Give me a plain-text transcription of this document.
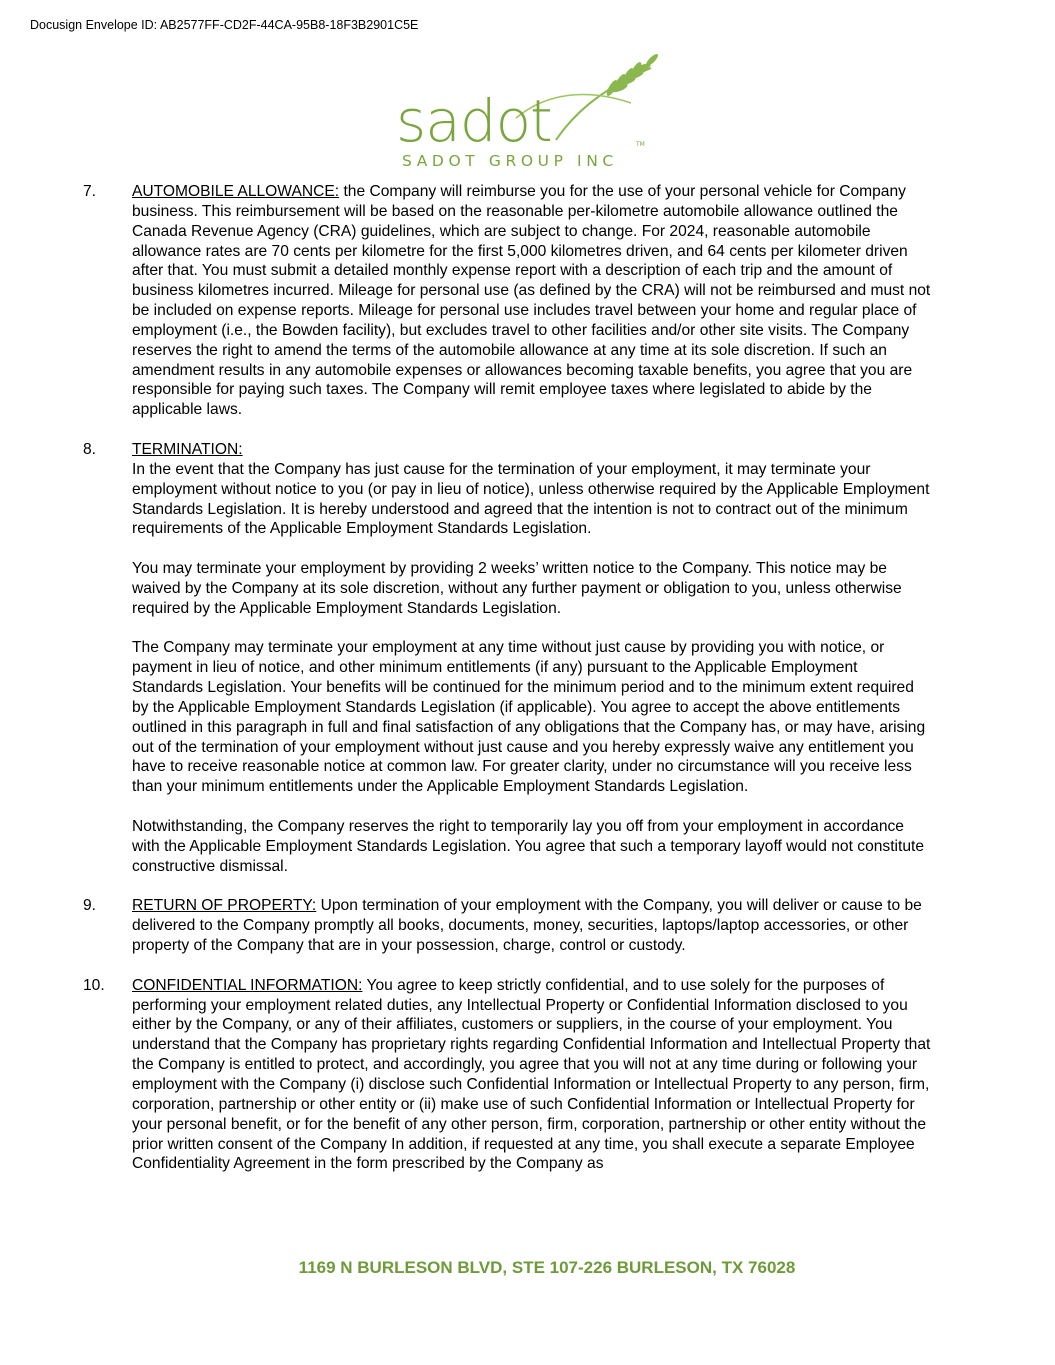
Docusign Envelope ID: AB2577FF-CD2F-44CA-95B8-18F3B2901C5E
sadot	TM
SADOT GROUP INC
7.	AUTOMOBILE ALLOWANCE: the Company will reimburse you for the use of your personal vehicle for Company business. This reimbursement will be based on the reasonable per-kilometre automobile allowance outlined the Canada Revenue Agency (CRA) guidelines, which are subject to change. For 2024, reasonable automobile allowance rates are 70 cents per kilometre for the first 5,000 kilometres driven, and 64 cents per kilometer driven after that. You must submit a detailed monthly expense report with a description of each trip and the amount of business kilometres incurred. Mileage for personal use (as defined by the CRA) will not be reimbursed and must not be included on expense reports. Mileage for personal use includes travel between your home and regular place of employment (i.e., the Bowden facility), but excludes travel to other facilities and/or other site visits. The Company reserves the right to amend the terms of the automobile allowance at any time at its sole discretion. If such an amendment results in any automobile expenses or allowances becoming taxable benefits, you agree that you are responsible for paying such taxes. The Company will remit employee taxes where legislated to abide by the applicable laws.

8.	TERMINATION:
In the event that the Company has just cause for the termination of your employment, it may terminate your employment without notice to you (or pay in lieu of notice), unless otherwise required by the Applicable Employment Standards Legislation. It is hereby understood and agreed that the intention is not to contract out of the minimum requirements of the Applicable Employment Standards Legislation.

You may terminate your employment by providing 2 weeks’ written notice to the Company. This notice may be waived by the Company at its sole discretion, without any further payment or obligation to you, unless otherwise required by the Applicable Employment Standards Legislation.

The Company may terminate your employment at any time without just cause by providing you with notice, or payment in lieu of notice, and other minimum entitlements (if any) pursuant to the Applicable Employment Standards Legislation. Your benefits will be continued for the minimum period and to the minimum extent required by the Applicable Employment Standards Legislation (if applicable). You agree to accept the above entitlements outlined in this paragraph in full and final satisfaction of any obligations that the Company has, or may have, arising out of the termination of your employment without just cause and you hereby expressly waive any entitlement you have to receive reasonable notice at common law. For greater clarity, under no circumstance will you receive less than your minimum entitlements under the Applicable Employment Standards Legislation.

Notwithstanding, the Company reserves the right to temporarily lay you off from your employment in accordance with the Applicable Employment Standards Legislation. You agree that such a temporary layoff would not constitute constructive dismissal.

9.	RETURN OF PROPERTY: Upon termination of your employment with the Company, you will deliver or cause to be delivered to the Company promptly all books, documents, money, securities, laptops/laptop accessories, or other property of the Company that are in your possession, charge, control or custody.

10.	CONFIDENTIAL INFORMATION: You agree to keep strictly confidential, and to use solely for the purposes of performing your employment related duties, any Intellectual Property or Confidential Information disclosed to you either by the Company, or any of their affiliates, customers or suppliers, in the course of your employment. You understand that the Company has proprietary rights regarding Confidential Information and Intellectual Property that the Company is entitled to protect, and accordingly, you agree that you will not at any time during or following your employment with the Company (i) disclose such Confidential Information or Intellectual Property to any person, firm, corporation, partnership or other entity or (ii) make use of such Confidential Information or Intellectual Property for your personal benefit, or for the benefit of any other person, firm, corporation, partnership or other entity without the prior written consent of the Company In addition, if requested at any time, you shall execute a separate Employee Confidentiality Agreement in the form prescribed by the Company as

1169 N BURLESON BLVD, STE 107-226 BURLESON, TX 76028
